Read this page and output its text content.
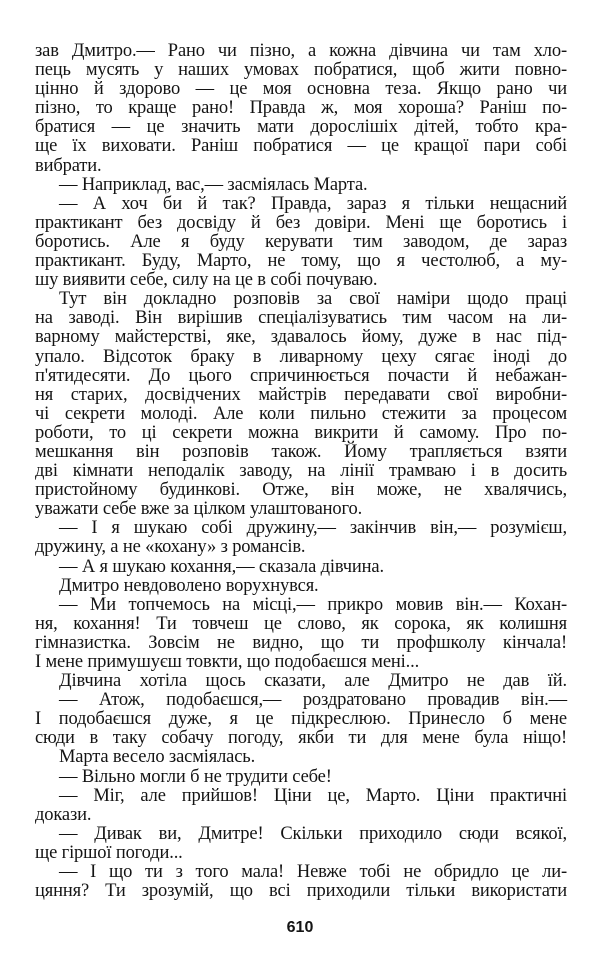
зав Дмитро.— Рано чи пізно, а кожна дівчина чи там хло-
пець мусять у наших умовах побратися, щоб жити повно-
цінно й здорово — це моя основна теза. Якщо рано чи
пізно, то краще рано! Правда ж, моя хороша? Раніш по-
братися — це значить мати дорослішіх дітей, тобто кра-
ще їх виховати. Раніш побратися — це кращої пари собі
вибрати.
— Наприклад, вас,— засміялась Марта.
— А хоч би й так? Правда, зараз я тільки нещасний
практикант без досвіду й без довіри. Мені ще боротись і
боротись. Але я буду керувати тим заводом, де зараз
практикант. Буду, Марто, не тому, що я честолюб, а му-
шу виявити себе, силу на це в собі почуваю.
Тут він докладно розповів за свої наміри щодо праці
на заводі. Він вирішив спеціалізуватись тим часом на ли-
варному майстерстві, яке, здавалось йому, дуже в нас під-
упало. Відсоток браку в ливарному цеху сягає іноді до
п'ятидесяти. До цього спричинюється почасти й небажан-
ня старих, досвідчених майстрів передавати свої виробни-
чі секрети молоді. Але коли пильно стежити за процесом
роботи, то ці секрети можна викрити й самому. Про по-
мешкання він розповів також. Йому трапляється взяти
дві кімнати неподалік заводу, на лінії трамваю і в досить
пристойному будинкові. Отже, він може, не хвалячись,
уважати себе вже за цілком улаштованого.
— І я шукаю собі дружину,— закінчив він,— розумієш,
дружину, а не «кохану» з романсів.
— А я шукаю кохання,— сказала дівчина.
Дмитро невдоволено ворухнувся.
— Ми топчемось на місці,— прикро мовив він.— Кохан-
ня, кохання! Ти товчеш це слово, як сорока, як колишня
гімназистка. Зовсім не видно, що ти профшколу кінчала!
І мене примушуєш товкти, що подобаєшся мені...
Дівчина хотіла щось сказати, але Дмитро не дав їй.
— Атож, подобаєшся,— роздратовано провадив він.—
І подобаєшся дуже, я це підкреслюю. Принесло б мене
сюди в таку собачу погоду, якби ти для мене була ніщо!
Марта весело засміялась.
— Вільно могли б не трудити себе!
— Міг, але прийшов! Ціни це, Марто. Ціни практичні
докази.
— Дивак ви, Дмитре! Скільки приходило сюди всякої,
ще гіршої погоди...
— І що ти з того мала! Невже тобі не обридло це ли-
цяння? Ти зрозумій, що всі приходили тільки використати
610
